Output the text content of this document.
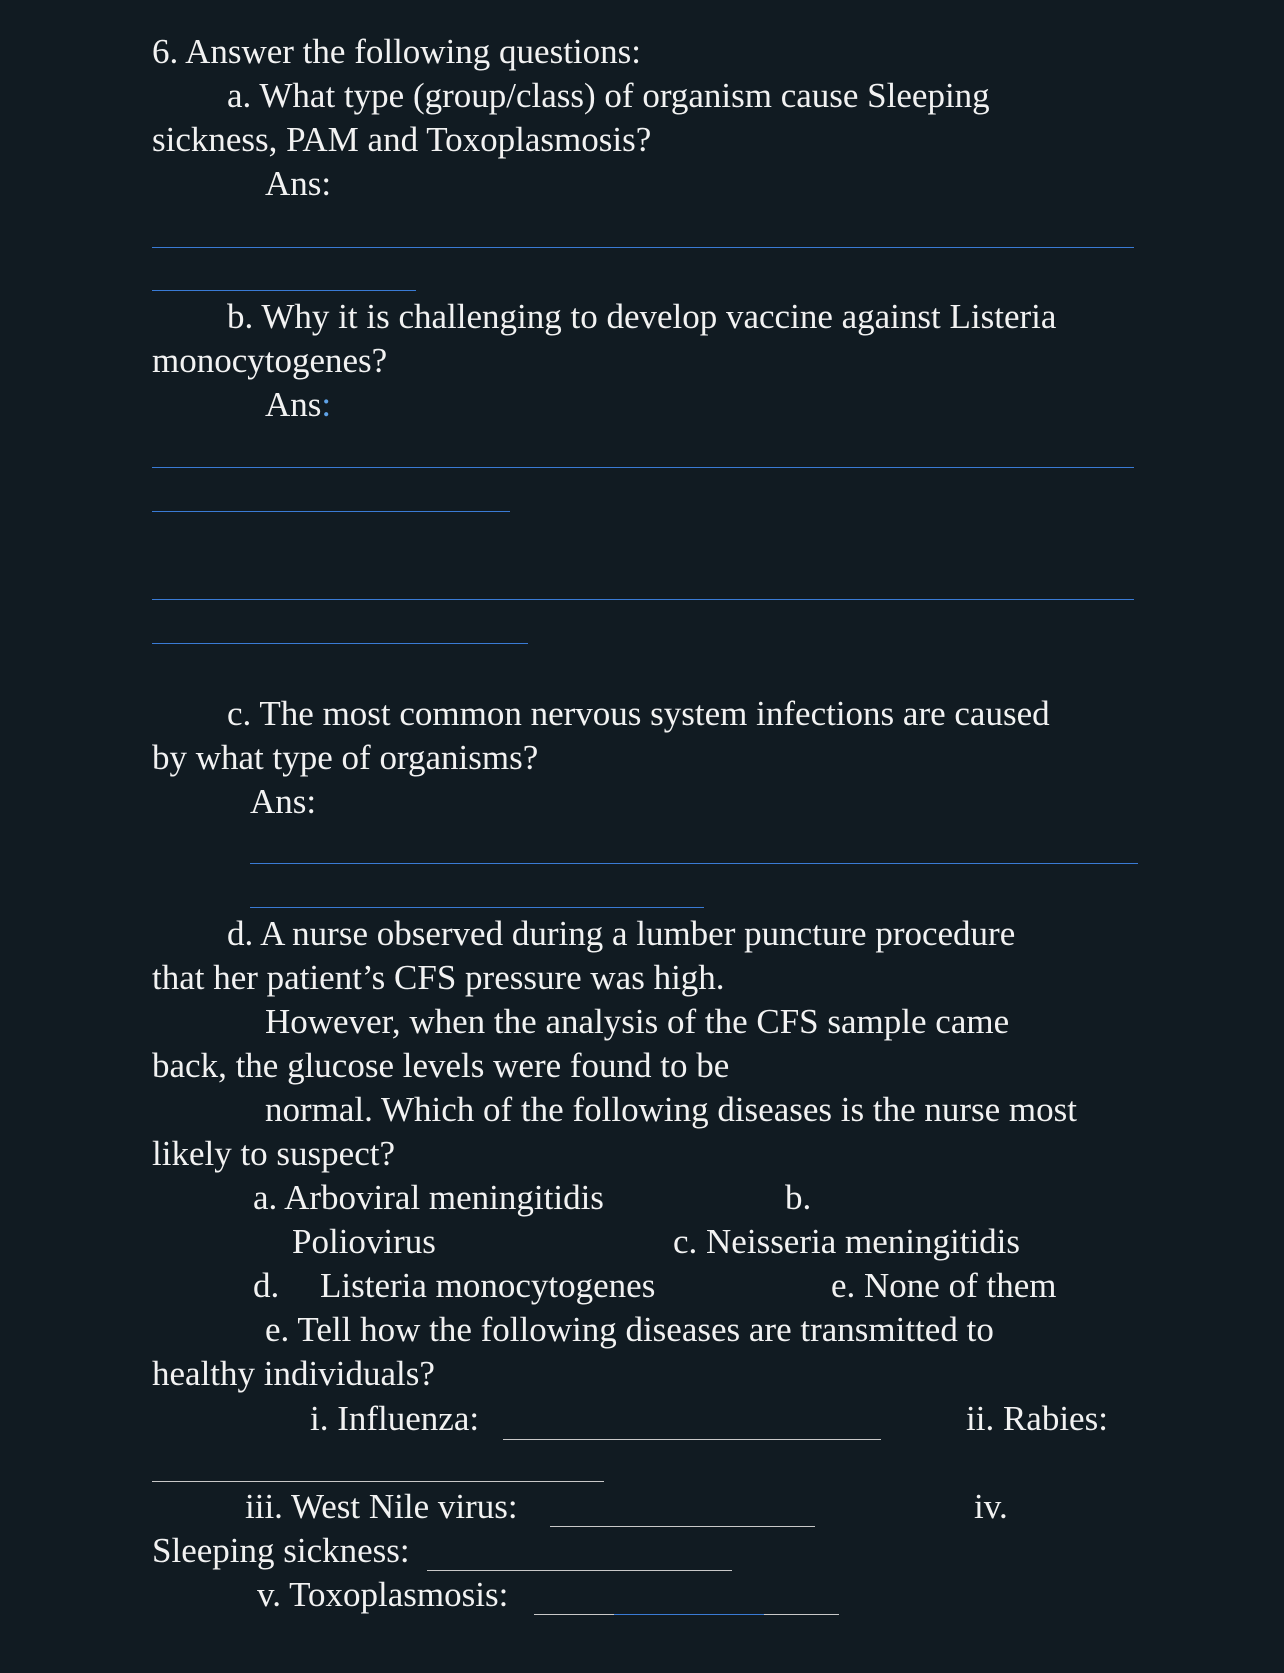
6. Answer the following questions:
a. What type (group/class) of organism cause Sleeping
sickness, PAM and Toxoplasmosis?
Ans:
b. Why it is challenging to develop vaccine against Listeria
monocytogenes?
Ans:
c. The most common nervous system infections are caused
by what type of organisms?
Ans:
d. A nurse observed during a lumber puncture procedure
that her patient’s CFS pressure was high.
However, when the analysis of the CFS sample came
back, the glucose levels were found to be
normal. Which of the following diseases is the nurse most
likely to suspect?
a. Arboviral meningitidis	b.
Poliovirus	c. Neisseria meningitidis
d. Listeria monocytogenes	e. None of them
e. Tell how the following diseases are transmitted to
healthy individuals?
i. Influenza:	ii. Rabies:
iii. West Nile virus:	iv.
Sleeping sickness:
v. Toxoplasmosis:
